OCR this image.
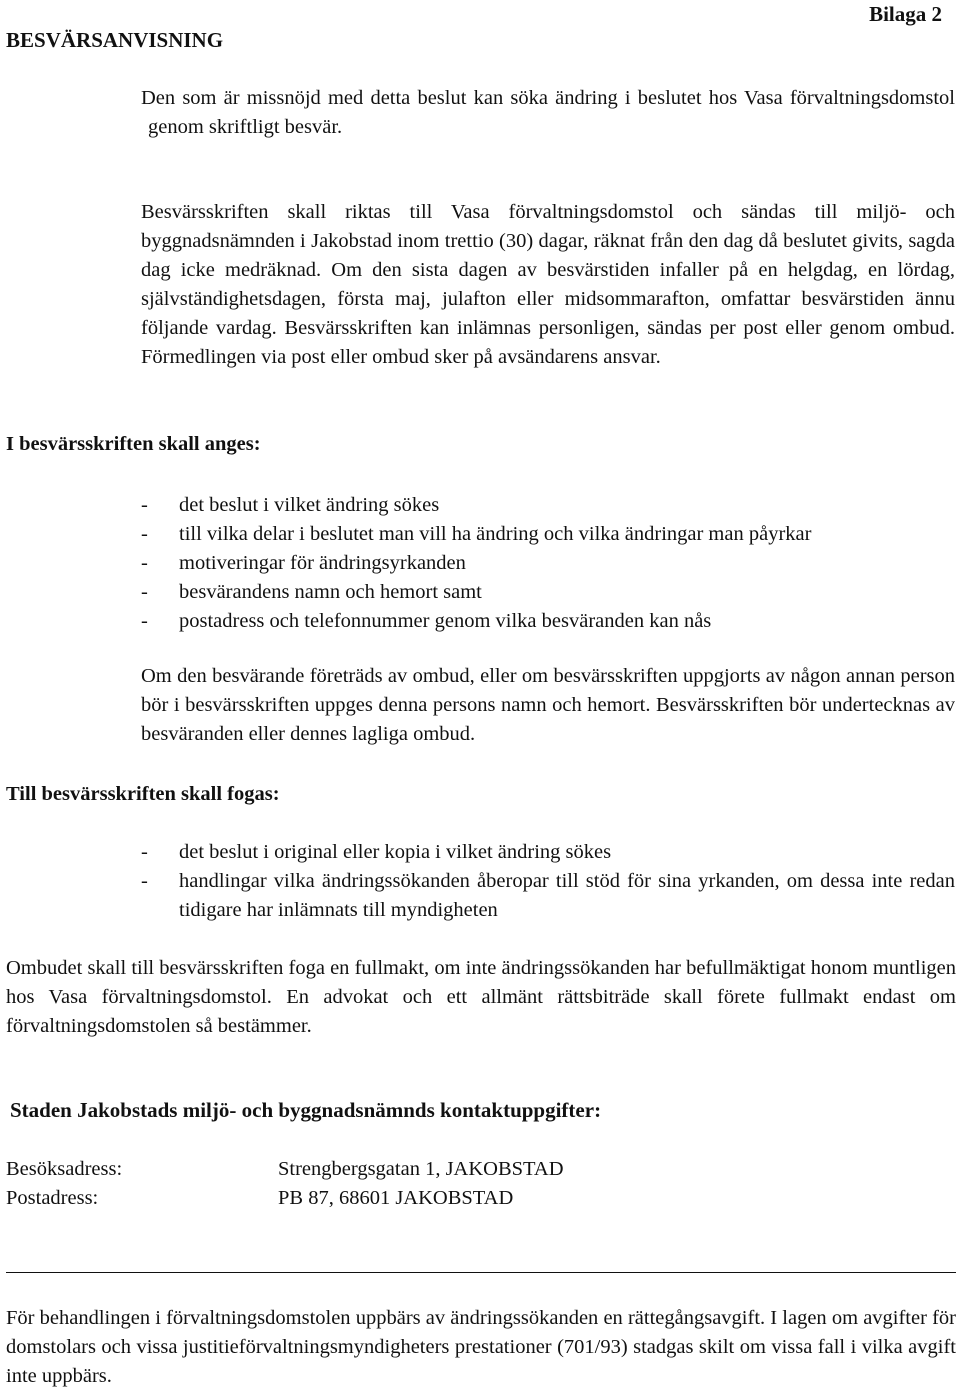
BESVÄRSANVISNING
Bilaga 2
Den som är missnöjd med detta beslut kan söka ändring i beslutet hos Vasa förvaltningsdomstol
genom skriftligt besvär.
Besvärsskriften skall riktas till Vasa förvaltningsdomstol och sändas till miljö- och byggnadsnämnden i Jakobstad inom trettio (30) dagar, räknat från den dag då beslutet givits, sagda dag icke medräknad. Om den sista dagen av besvärstiden infaller på en helgdag, en lördag, självständighetsdagen, första maj, julafton eller midsommarafton, omfattar besvärstiden ännu följande vardag. Besvärsskriften kan inlämnas personligen, sändas per post eller genom ombud. Förmedlingen via post eller ombud sker på avsändarens ansvar.
I besvärsskriften skall anges:
- det beslut i vilket ändring sökes
- till vilka delar i beslutet man vill ha ändring och vilka ändringar man påyrkar
- motiveringar för ändringsyrkanden
- besvärandens namn och hemort samt
- postadress och telefonnummer genom vilka besväranden kan nås
Om den besvärande företräds av ombud, eller om besvärsskriften uppgjorts av någon annan person bör i besvärsskriften uppges denna persons namn och hemort. Besvärsskriften bör undertecknas av besväranden eller dennes lagliga ombud.
Till besvärsskriften skall fogas:
- det beslut i original eller kopia i vilket ändring sökes
- handlingar vilka ändringssökanden åberopar till stöd för sina yrkanden, om dessa inte redan tidigare har inlämnats till myndigheten
Ombudet skall till besvärsskriften foga en fullmakt, om inte ändringssökanden har befullmäktigat honom muntligen hos Vasa förvaltningsdomstol. En advokat och ett allmänt rättsbiträde skall förete fullmakt endast om förvaltningsdomstolen så bestämmer.
Staden Jakobstads miljö- och byggnadsnämnds kontaktuppgifter:
Besöksadress:	Strengbergsgatan 1, JAKOBSTAD
Postadress:	PB 87, 68601 JAKOBSTAD
För behandlingen i förvaltningsdomstolen uppbärs av ändringssökanden en rättegångsavgift. I lagen om avgifter för domstolars och vissa justitieförvaltningsmyndigheters prestationer (701/93) stadgas skilt om vissa fall i vilka avgift inte uppbärs.
